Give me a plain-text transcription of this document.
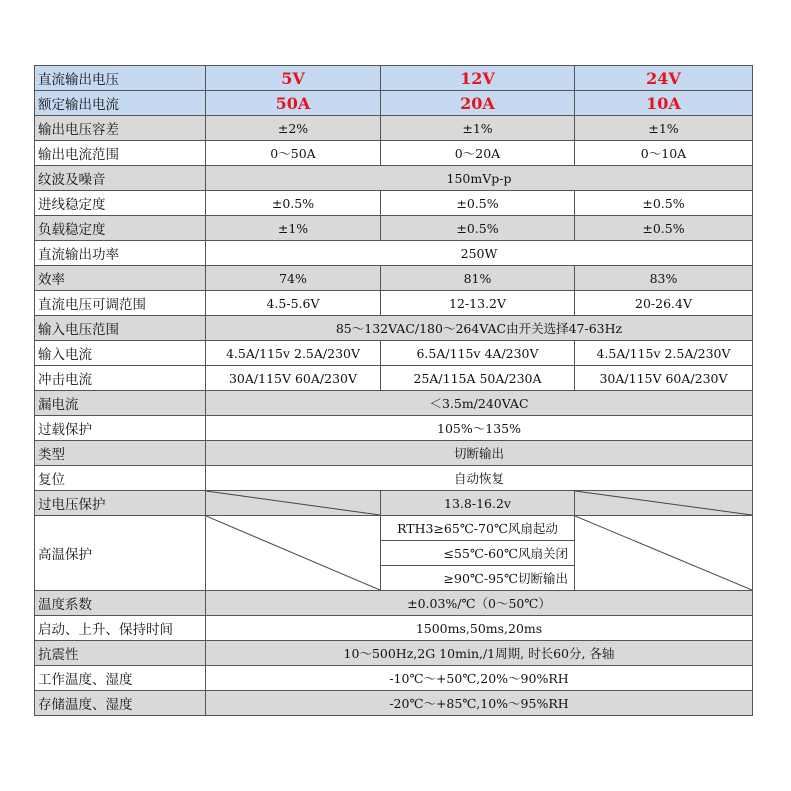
直流输出电压	5V	12V	24V
额定输出电流	50A	20A	10A
输出电压容差	±2%	±1%	±1%
输出电流范围	0～50A	0～20A	0～10A
纹波及噪音	150mVp-p		
进线稳定度	±0.5%	±0.5%	±0.5%
负载稳定度	±1%	±0.5%	±0.5%
直流输出功率	250W		
效率	74%	81%	83%
直流电压可调范围	4.5-5.6V	12-13.2V	20-26.4V
输入电压范围	85～132VAC/180～264VAC由开关选择47-63Hz		
输入电流	4.5A/115v 2.5A/230V	6.5A/115v 4A/230V	4.5A/115v 2.5A/230V
冲击电流	30A/115V 60A/230V	25A/115A 50A/230A	30A/115V 60A/230V
漏电流	＜3.5m/240VAC		
过载保护	105%～135%		
类型	切断输出		
复位	自动恢复		
过电压保护		13.8-16.2v	

高温保护		RTH3≥65℃-70℃风扇起动	

		≤55℃-60℃风扇关闭	
		≥90℃-95℃切断输出	
温度系数	±0.03%/℃（0～50℃）		
启动、上升、保持时间	1500ms,50ms,20ms		
抗震性	10～500Hz,2G 10min,/1周期, 时长60分, 各轴		
工作温度、湿度	-10℃～+50℃,20%～90%RH		
存储温度、湿度	-20℃～+85℃,10%～95%RH		
